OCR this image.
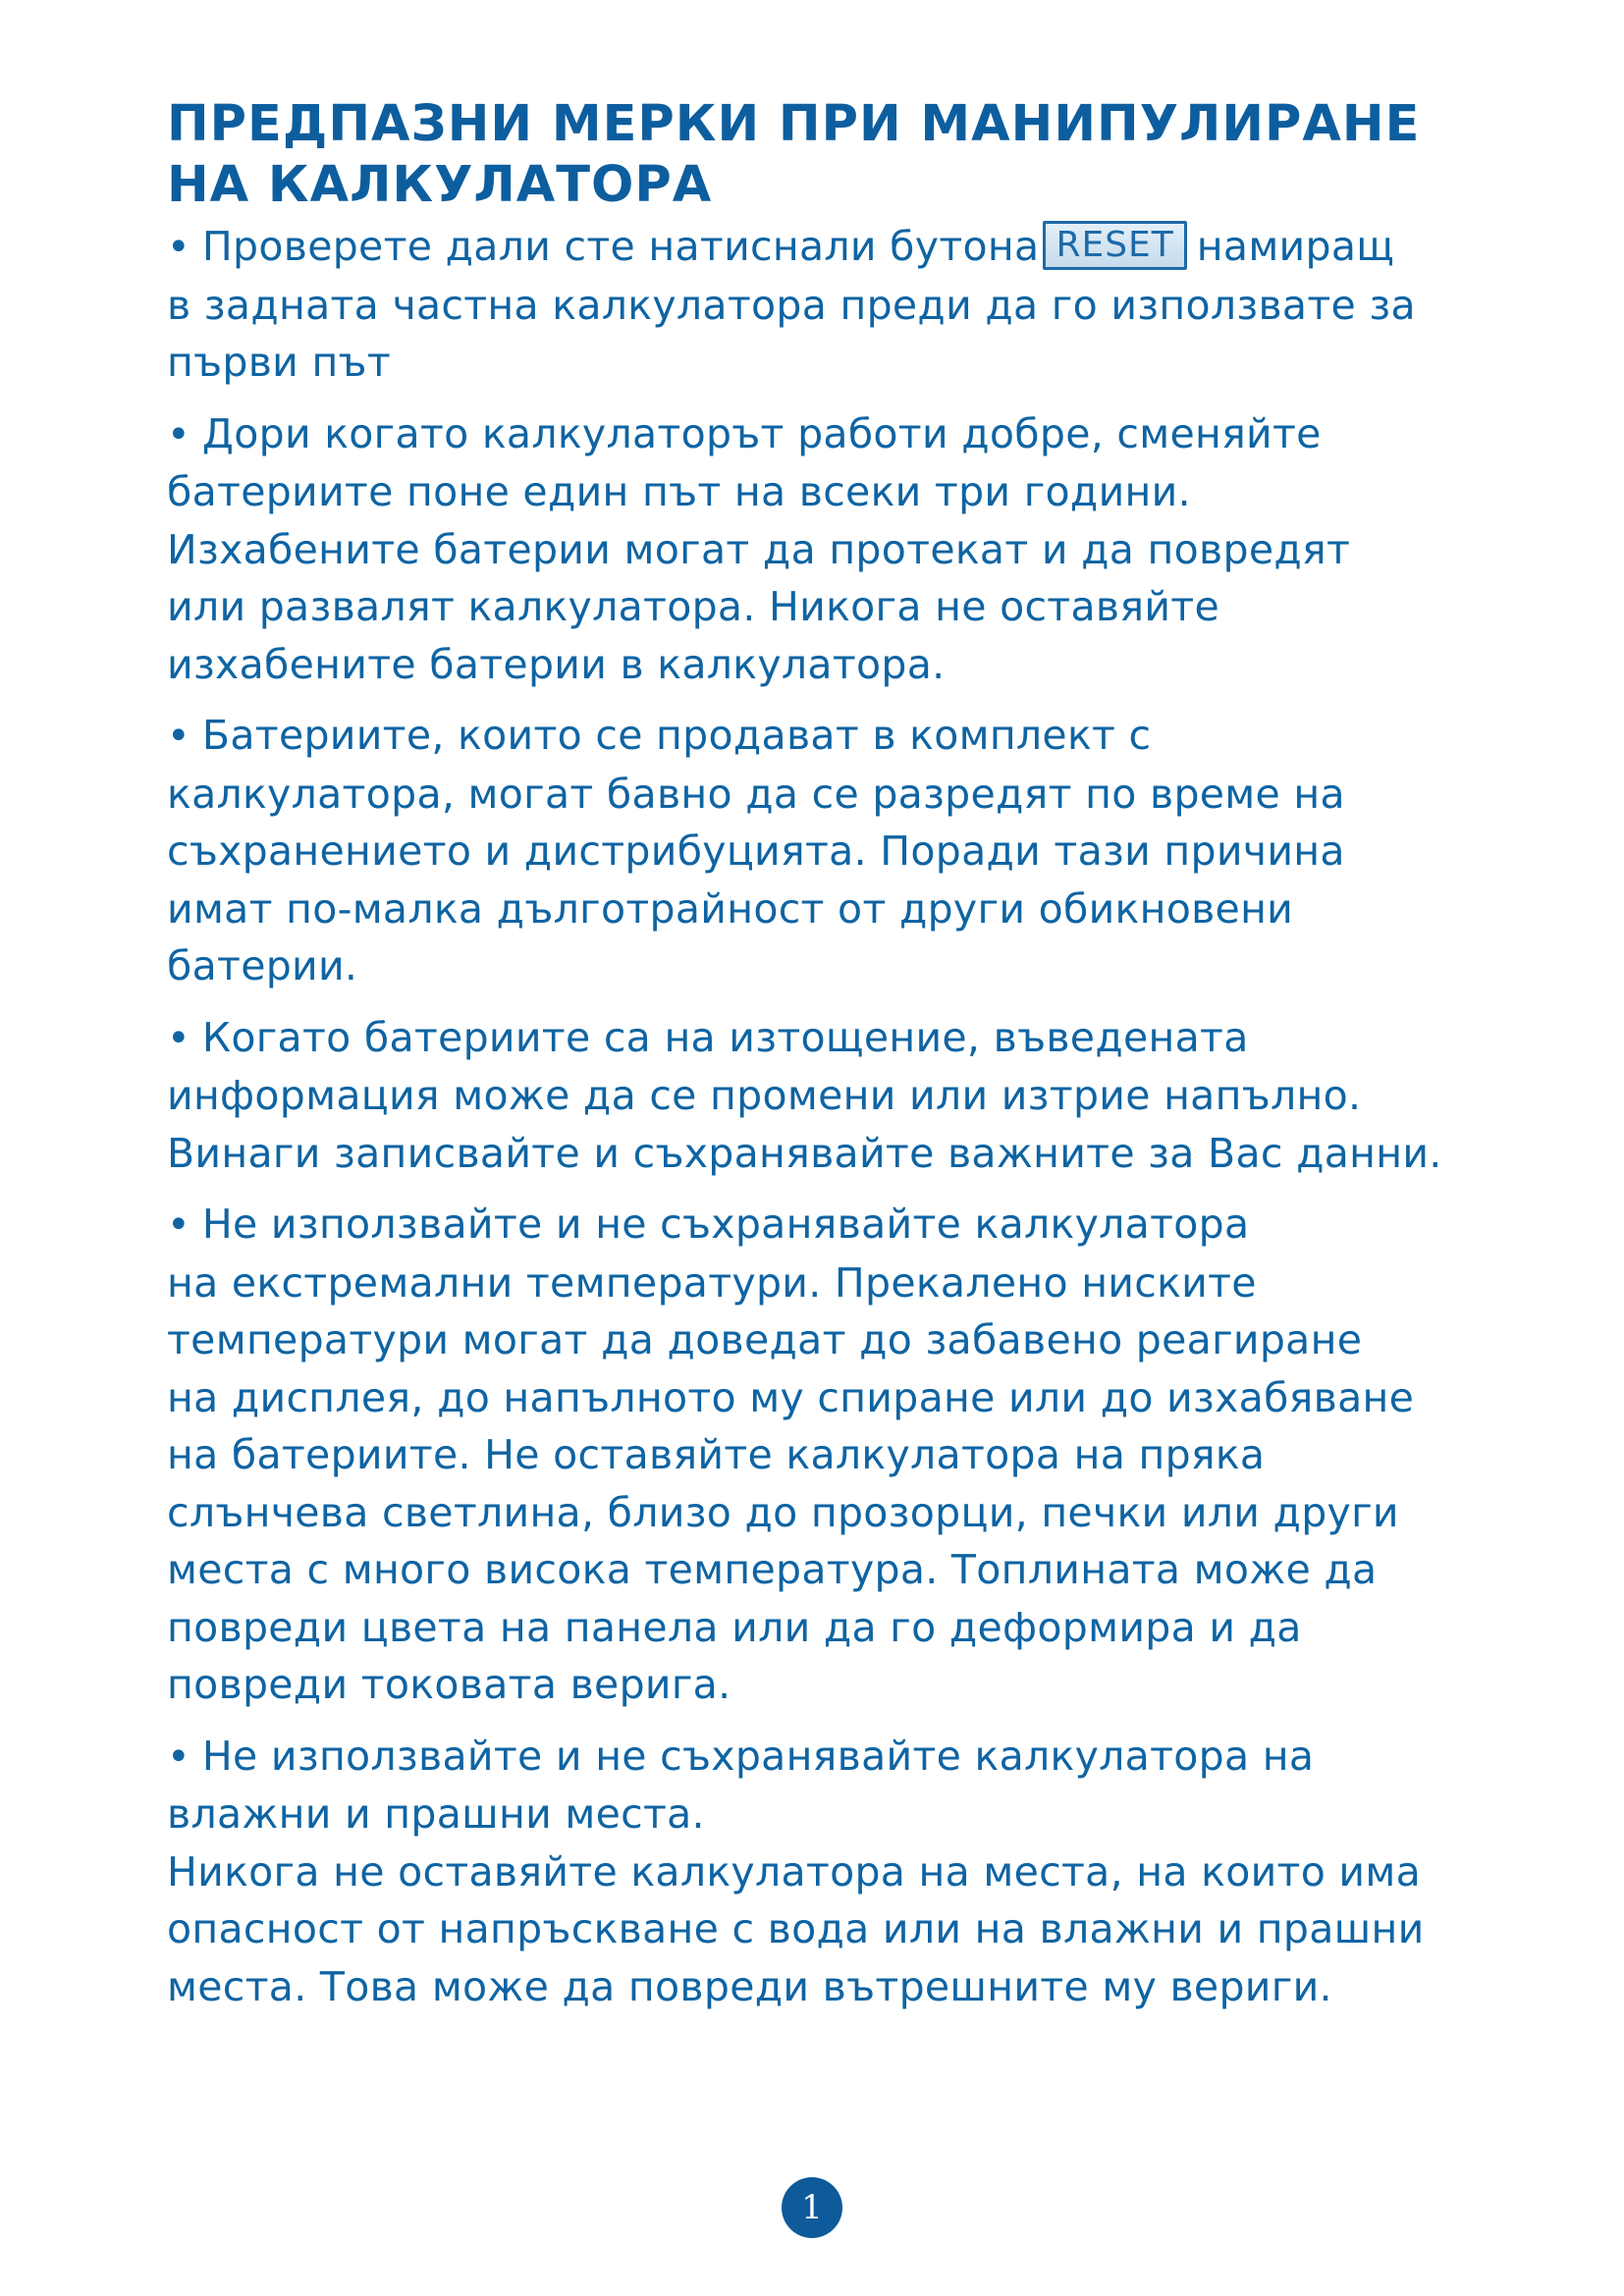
ПРЕДПАЗНИ МЕРКИ ПРИ МАНИПУЛИРАНЕ
НА КАЛКУЛАТОРА

• Проверете дали сте натиснали бутона RESET намиращ
в задната частна калкулатора преди да го използвате за
първи път

• Дори когато калкулаторът работи добре, сменяйте
батериите поне един път на всеки три години.
Изхабените батерии могат да протекат и да повредят
или развалят калкулатора. Никога не оставяйте
изхабените батерии в калкулатора.

• Батериите, които се продават в комплект с
калкулатора, могат бавно да се разредят по време на
съхранението и дистрибуцията. Поради тази причина
имат по-малка дълготрайност от други обикновени
батерии.

• Когато батериите са на изтощение, въведената
информация може да се промени или изтрие напълно.
Винаги записвайте и съхранявайте важните за Вас данни.

• Не използвайте и не съхранявайте калкулатора
на екстремални температури. Прекалено ниските
температури могат да доведат до забавено реагиране
на дисплея, до напълното му спиране или до изхабяване
на батериите. Не оставяйте калкулатора на пряка
слънчева светлина, близо до прозорци, печки или други
места с много висока температура. Топлината може да
повреди цвета на панела или да го деформира и да
повреди токовата верига.

• Не използвайте и не съхранявайте калкулатора на
влажни и прашни места.
Никога не оставяйте калкулатора на места, на които има
опасност от напръскване с вода или на влажни и прашни
места. Това може да повреди вътрешните му вериги.

1
